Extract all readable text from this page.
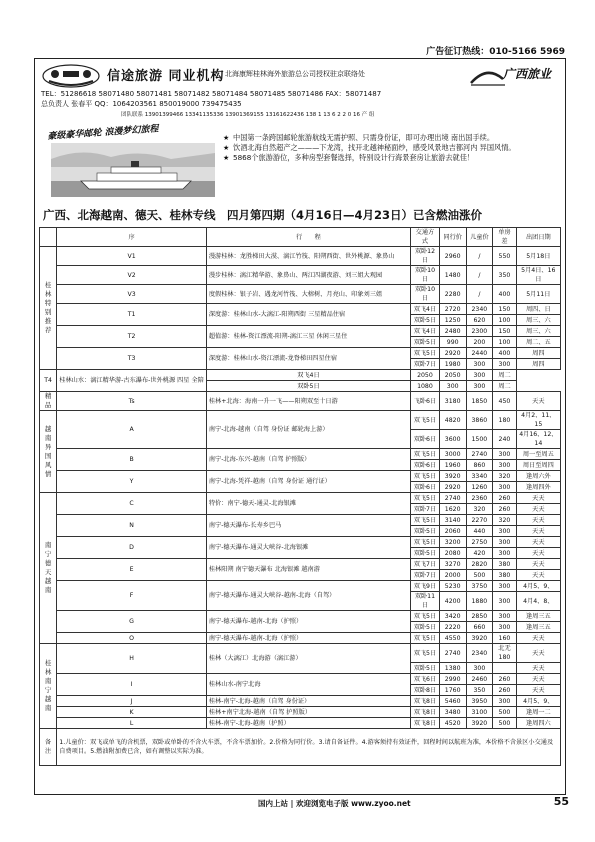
广告征订热线：010-5166 5969
信途旅游 同业机构 北海康辉桂林海外旅游总公司授权驻京联络处	广西旅业
TEL：51286618 58071480 58071481 58071482 58071484 58071485 58071486 FAX：58071487
总负责人 张春平 QQ：1064203561 850019000 739475435
团队联系 13901399466 13341135336 13901369155 13161622436 138 1 13 6 2 2 0 16 产 组
豪级豪华邮轮 浪漫梦幻旅程	★ 中国第一条跨国邮轮旅游航线无需护照、只需身份证，即可办理出境 南出国手续。
★ 饮酒北海自然超产之———下龙湾，找开北越神秘面纱，感受风景地吉都河内 异国风情。
★ 5868个旅游游位，多种房型套餐选择，特别设计行海景套房让旅游去就佳！
广西、北海越南、德天、桂林专线　四月第四期（4月16日—4月23日）已含燃油涨价
	序	行　　程	交通方式	同行价	儿童价	单房差	出团日期
桂林特别推荐	V1	漫游桂林：龙胜梯田大漠、漓江竹筏、阳朔西街、世外桃源、象鼻山	双卧12日	2960	/	550	5月18日
	V2	漫步桂林：漓江精华游、象鼻山、两江四湖夜游、刘三姐大观园	双卧10日	1480	/	350	5月4日、16日
	V3	度假桂林：银子岩、遇龙河竹筏、大榕树、月亮山、印象刘三姐	双卧10日	2280	/	400	5月11日
	T1	深度游：桂林山水-大漓江-阳朔西街 三星精品住宿	双飞4日	2720	2340	150	周四、日
			双卧5日	1250	620	100	周三、六
	T2	超值游：桂林-资江漂流-阳朔-漓江三星 休闲三星住	双飞4日	2480	2300	150	周三、六
			双卧5日	990	200	100	周二、五
	T3	深度游：桂林山水-资江漂流-龙脊梯田四星住宿	双飞5日	2920	2440	400	周四
			双卧7日	1980	300	300	周四
T4	桂林山水：漓江精华游-古东瀑布-世外桃源 四星 全陪	双飞4日	2050	2050	300	周二	
		双卧5日	1080	300	300	周二	
精品	Ts	桂林+北海：海南一升一飞——阳朔双至十日游	飞卧6日	3180	1850	450	天天
越南异国风情	A	南宁-北海-越南（自驾 身份证 邮轮海上游）	双飞5日	4820	3860	180	4月2、11、15
			双卧6日	3600	1500	240	4月16、12、14
	B	南宁-北海-东兴-越南（自驾 护照版）	双飞5日	3000	2740	300	周一至周五
			双卧6日	1960	860	300	周日至周四
	Y	南宁-北海-凭祥-越南（自驾 身份证 通行证）	双飞5日	3920	3340	320	逢周六外
			双卧6日	2920	1260	300	逢周四外
南宁德天越南	C	特价：南宁-德天-通灵-北海银滩	双飞5日	2740	2360	260	天天
			双卧7日	1620	320	260	天天
	N	南宁-德天瀑布-长寿乡巴马	双飞5日	3140	2270	320	天天
			双卧5日	2060	440	300	天天
	D	南宁-德天瀑布-通灵大峡谷-北海银滩	双飞5日	3200	2750	300	天天
			双卧5日	2080	420	300	天天
	E	桂林阳朔 南宁德天瀑布 北海银滩 越南游	双飞7日	3270	2820	380	天天
			双卧7日	2000	500	380	天天
	F	南宁-德天瀑布-通灵大峡谷-越南-北海（自驾）	双飞9日	5230	3750	300	4月5、9、
			双卧11日	4200	1880	300	4月4、8、
	G	南宁-德天瀑布-越南-北海（护照）	双飞5日	3420	2850	300	逢周三五
			双卧5日	2220	660	300	逢周三五
	O	南宁-德天瀑布-越南-北海（护照）	双飞5日	4550	3920	160	天天
桂林南宁越南	H	桂林（大漓江）北海游（漓江游）	双飞5日	2740	2340	北无180	天天
			双卧5日	1380	300		天天
	I	桂林山水-南宁北海	双飞6日	2990	2460	260	天天
			双卧8日	1760	350	260	天天
	J	桂林-南宁-北海-越南（自驾 身份证）	双飞8日	5460	3950	300	4月5、9、
	K	桂林+南宁北海-越南（自驾 护照版）	双飞8日	3480	3100	500	逢周一二
	L	桂林-南宁-北海-越南（护照）	双飞8日	4520	3920	500	逢周四六
备注	1.儿童价：双飞或单飞的含机票，双卧或单卧的不含火车票，不含车票加价。2.价格为同行价。3.请自备证件。4.游客须持有效证件，回程时间以航班为准，本价格不含景区小交通及自费项目。5.燃油附加费已含，如有调整以实际为准。						
国内上站 | 欢迎浏览电子版 www.zyoo.net	55
